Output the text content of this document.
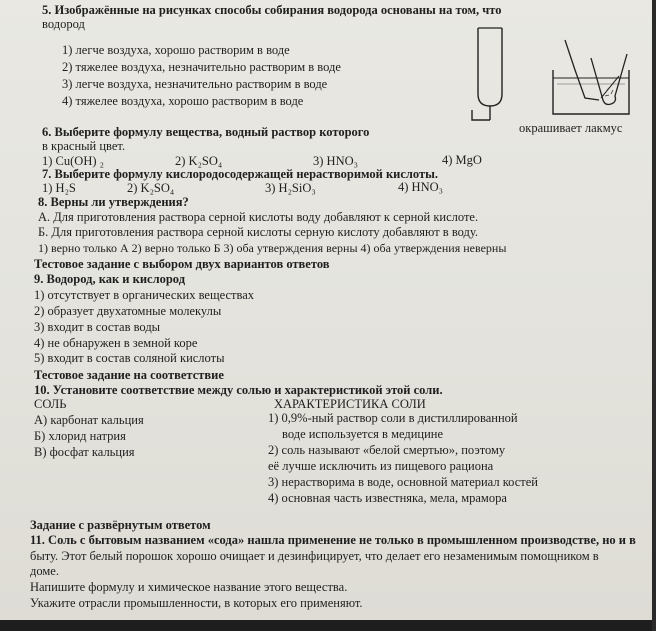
5. Изображённые на рисунках способы собирания водорода основаны на том, что
водород
1) легче воздуха, хорошо растворим в воде
2) тяжелее воздуха, незначительно растворим в воде
3) легче воздуха, незначительно растворим в воде
4) тяжелее воздуха, хорошо растворим в воде
6. Выберите формулу вещества, водный раствор которого	окрашивает лакмус
в красный цвет.
1) Cu(OH) ₂	2) K₂SO₄	3) HNO₃	4) MgO
7. Выберите формулу кислородосодержащей нерастворимой кислоты.
1) H₂S	2) K₂SO₄	3) H₂SiO₃	4) HNO₃
8. Верны ли утверждения?
А. Для приготовления раствора серной кислоты воду добавляют к серной кислоте.
Б. Для приготовления раствора серной кислоты серную кислоту добавляют в воду.
1) верно только А 2) верно только Б 3) оба утверждения верны 4) оба утверждения неверны
Тестовое задание с выбором двух вариантов ответов
9. Водород, как и кислород
1) отсутствует в органических веществах
2) образует двухатомные молекулы
3) входит в состав воды
4) не обнаружен в земной коре
5) входит в состав соляной кислоты
Тестовое задание на соответствие
10. Установите соответствие между солью и характеристикой этой соли.
СОЛЬ	ХАРАКТЕРИСТИКА СОЛИ
А) карбонат кальция
Б) хлорид натрия
В) фосфат кальция
1) 0,9%-ный раствор соли в дистиллированной
воде используется в медицине
2) соль называют «белой смертью», поэтому
её лучше исключить из пищевого рациона
3) нерастворима в воде, основной материал костей
4) основная часть известняка, мела, мрамора
Задание с развёрнутым ответом
11. Соль с бытовым названием «сода» нашла применение не только в промышленном производстве, но и в
быту. Этот белый порошок хорошо очищает и дезинфицирует, что делает его незаменимым помощником в
доме.
Напишите формулу и химическое название этого вещества.
Укажите отрасли промышленности, в которых его применяют.
